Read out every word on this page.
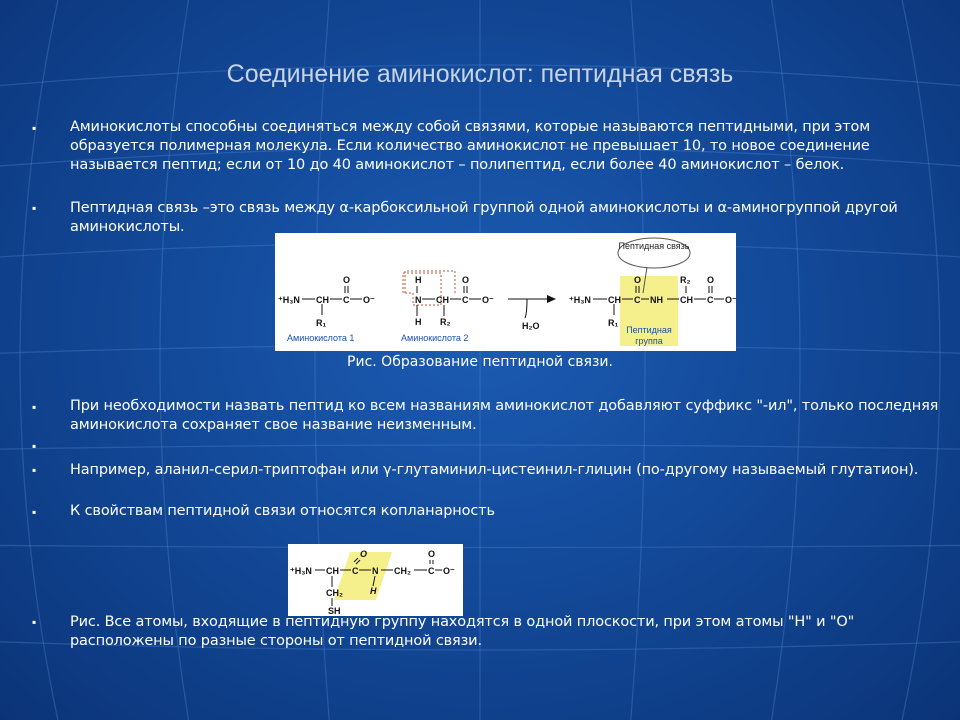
Соединение аминокислот: пептидная связь
▪	Аминокислоты способны соединяться между собой связями, которые называются пептидными, при этом образуется полимерная молекула. Если количество аминокислот не превышает 10, то новое соединение называется пептид; если от 10 до 40 аминокислот – полипептид, если более 40 аминокислот – белок.
▪	Пептидная связь –это связь между α-карбоксильной группой одной аминокислоты и α-аминогруппой другой аминокислоты.
Пептидная связь
⁺H₃N CH C
O
O⁻
R₁
N
H
H
CH C
O
O⁻
R₂
⁺H₃N CH C
O
NH
R₁
CH
R₂
C
O
O⁻
H₂O
Аминокислота 1	Аминокислота 2
Пептидная
группа
Рис. Образование пептидной связи.
▪	При необходимости назвать пептид ко всем названиям аминокислот добавляют суффикс "-ил", только последняя аминокислота сохраняет свое название неизменным.
▪
▪	Например, аланил-серил-триптофан или γ-глутаминил-цистеинил-глицин (по-другому называемый глутатион).
▪	К свойствам пептидной связи относятся копланарность
⁺H₃N CH C
O
N
H
CH₂ C
O
O⁻
CH₂
SH
▪	Рис. Все атомы, входящие в пептидную группу находятся в одной плоскости, при этом атомы "Н" и "О" расположены по разные стороны от пептидной связи.
